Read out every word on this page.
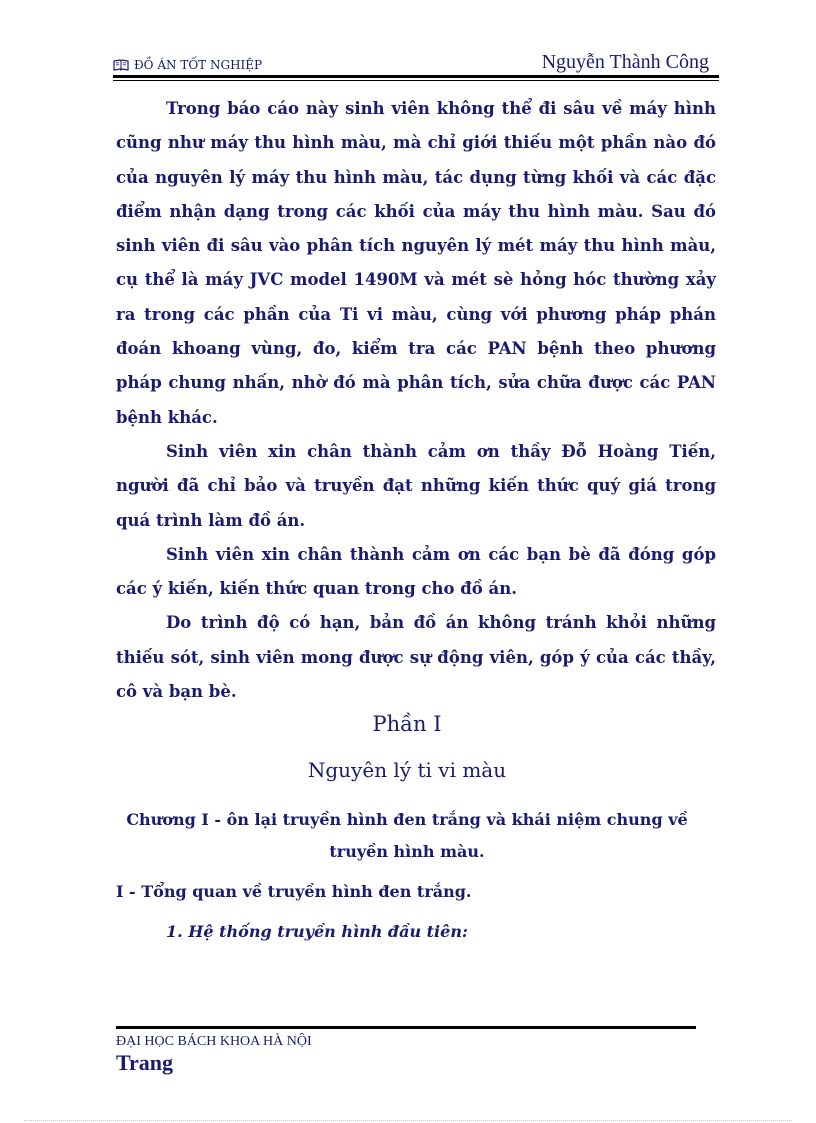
ĐỒ ÁN TỐT NGHIỆP	Nguyễn Thành Công

Trong báo cáo này sinh viên không thể đi sâu về máy hình cũng như máy thu hình màu, mà chỉ giới thiếu một phần nào đó của nguyên lý máy thu hình màu, tác dụng từng khối và các đặc điểm nhận dạng trong các khối của máy thu hình màu. Sau đó sinh viên đi sâu vào phân tích nguyên lý mét máy thu hình màu, cụ thể là máy JVC model 1490M và mét sè hỏng hóc thường xảy ra trong các phần của Ti vi màu, cùng với phương pháp phán đoán khoang vùng, đo, kiểm tra các PAN bệnh theo phương pháp chung nhấn, nhờ đó mà phân tích, sửa chữa được các PAN bệnh khác.

Sinh viên xin chân thành cảm ơn thầy Đỗ Hoàng Tiến, người đã chỉ bảo và truyền đạt những kiến thức quý giá trong quá trình làm đồ án.

Sinh viên xin chân thành cảm ơn các bạn bè đã đóng góp các ý kiến, kiến thức quan trong cho đồ án.

Do trình độ có hạn, bản đồ án không tránh khỏi những thiếu sót, sinh viên mong được sự động viên, góp ý của các thầy, cô và bạn bè.

Phần I
Nguyên lý ti vi màu
Chương I - ôn lại truyền hình đen trắng và khái niệm chung về truyền hình màu.
I - Tổng quan về truyền hình đen trắng.
1. Hệ thống truyền hình đầu tiên:
ĐẠI HỌC BÁCH KHOA HÀ NỘI
Trang
